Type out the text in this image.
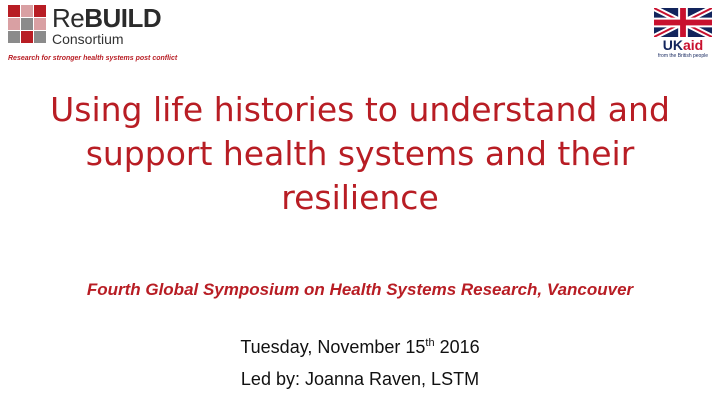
ReBUILD
Consortium
Research for stronger health systems post conflict
UKaid
from the British people
Using life histories to understand and support health systems and their resilience
Fourth Global Symposium on Health Systems Research, Vancouver
Tuesday, November 15th 2016
Led by: Joanna Raven, LSTM
